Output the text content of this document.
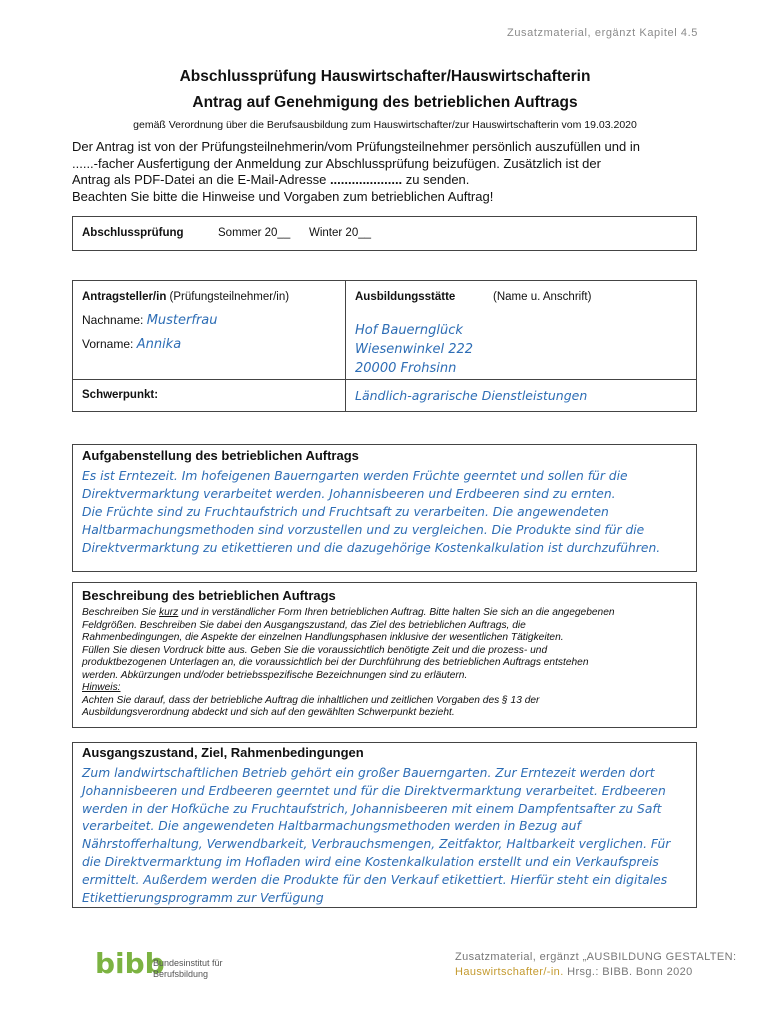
Zusatzmaterial, ergänzt Kapitel 4.5
Abschlussprüfung Hauswirtschafter/Hauswirtschafterin
Antrag auf Genehmigung des betrieblichen Auftrags
gemäß Verordnung über die Berufsausbildung zum Hauswirtschafter/zur Hauswirtschafterin vom 19.03.2020

Der Antrag ist von der Prüfungsteilnehmerin/vom Prüfungsteilnehmer persönlich auszufüllen und in

......-facher Ausfertigung der Anmeldung zur Abschlussprüfung beizufügen. Zusätzlich ist der

Antrag als PDF-Datei an die E-Mail-Adresse .................... zu senden.

Beachten Sie bitte die Hinweise und Vorgaben zum betrieblichen Auftrag!

Abschlussprüfung	Sommer 20__ Winter 20__
Antragsteller/in (Prüfungsteilnehmer/in)
Nachname: Musterfrau
Vorname: Annika
Schwerpunkt:
Ausbildungsstätte	(Name u. Anschrift)
Hof Bauernglück
Wiesenwinkel 222
20000 Frohsinn
Ländlich-agrarische Dienstleistungen
Aufgabenstellung des betrieblichen Auftrags
Es ist Erntezeit. Im hofeigenen Bauerngarten werden Früchte geerntet und sollen für die
Direktvermarktung verarbeitet werden. Johannisbeeren und Erdbeeren sind zu ernten.
Die Früchte sind zu Fruchtaufstrich und Fruchtsaft zu verarbeiten. Die angewendeten
Haltbarmachungsmethoden sind vorzustellen und zu vergleichen. Die Produkte sind für die
Direktvermarktung zu etikettieren und die dazugehörige Kostenkalkulation ist durchzuführen.
Beschreibung des betrieblichen Auftrags

Beschreiben Sie kurz und in verständlicher Form Ihren betrieblichen Auftrag. Bitte halten Sie sich an die angegebenen

Feldgrößen. Beschreiben Sie dabei den Ausgangszustand, das Ziel des betrieblichen Auftrags, die

Rahmenbedingungen, die Aspekte der einzelnen Handlungsphasen inklusive der wesentlichen Tätigkeiten.

Füllen Sie diesen Vordruck bitte aus. Geben Sie die voraussichtlich benötigte Zeit und die prozess- und

produktbezogenen Unterlagen an, die voraussichtlich bei der Durchführung des betrieblichen Auftrags entstehen

werden. Abkürzungen und/oder betriebsspezifische Bezeichnungen sind zu erläutern.

Hinweis:

Achten Sie darauf, dass der betriebliche Auftrag die inhaltlichen und zeitlichen Vorgaben des § 13 der

Ausbildungsverordnung abdeckt und sich auf den gewählten Schwerpunkt bezieht.

Ausgangszustand, Ziel, Rahmenbedingungen
Zum landwirtschaftlichen Betrieb gehört ein großer Bauerngarten. Zur Erntezeit werden dort
Johannisbeeren und Erdbeeren geerntet und für die Direktvermarktung verarbeitet. Erdbeeren
werden in der Hofküche zu Fruchtaufstrich, Johannisbeeren mit einem Dampfentsafter zu Saft
verarbeitet. Die angewendeten Haltbarmachungsmethoden werden in Bezug auf
Nährstofferhaltung, Verwendbarkeit, Verbrauchsmengen, Zeitfaktor, Haltbarkeit verglichen. Für
die Direktvermarktung im Hofladen wird eine Kostenkalkulation erstellt und ein Verkaufspreis
ermittelt. Außerdem werden die Produkte für den Verkauf etikettiert. Hierfür steht ein digitales
Etikettierungsprogramm zur Verfügung
bibb
Bundesinstitut für
Berufsbildung
Zusatzmaterial, ergänzt „AUSBILDUNG GESTALTEN:
Hauswirtschafter/-in. Hrsg.: BIBB. Bonn 2020
